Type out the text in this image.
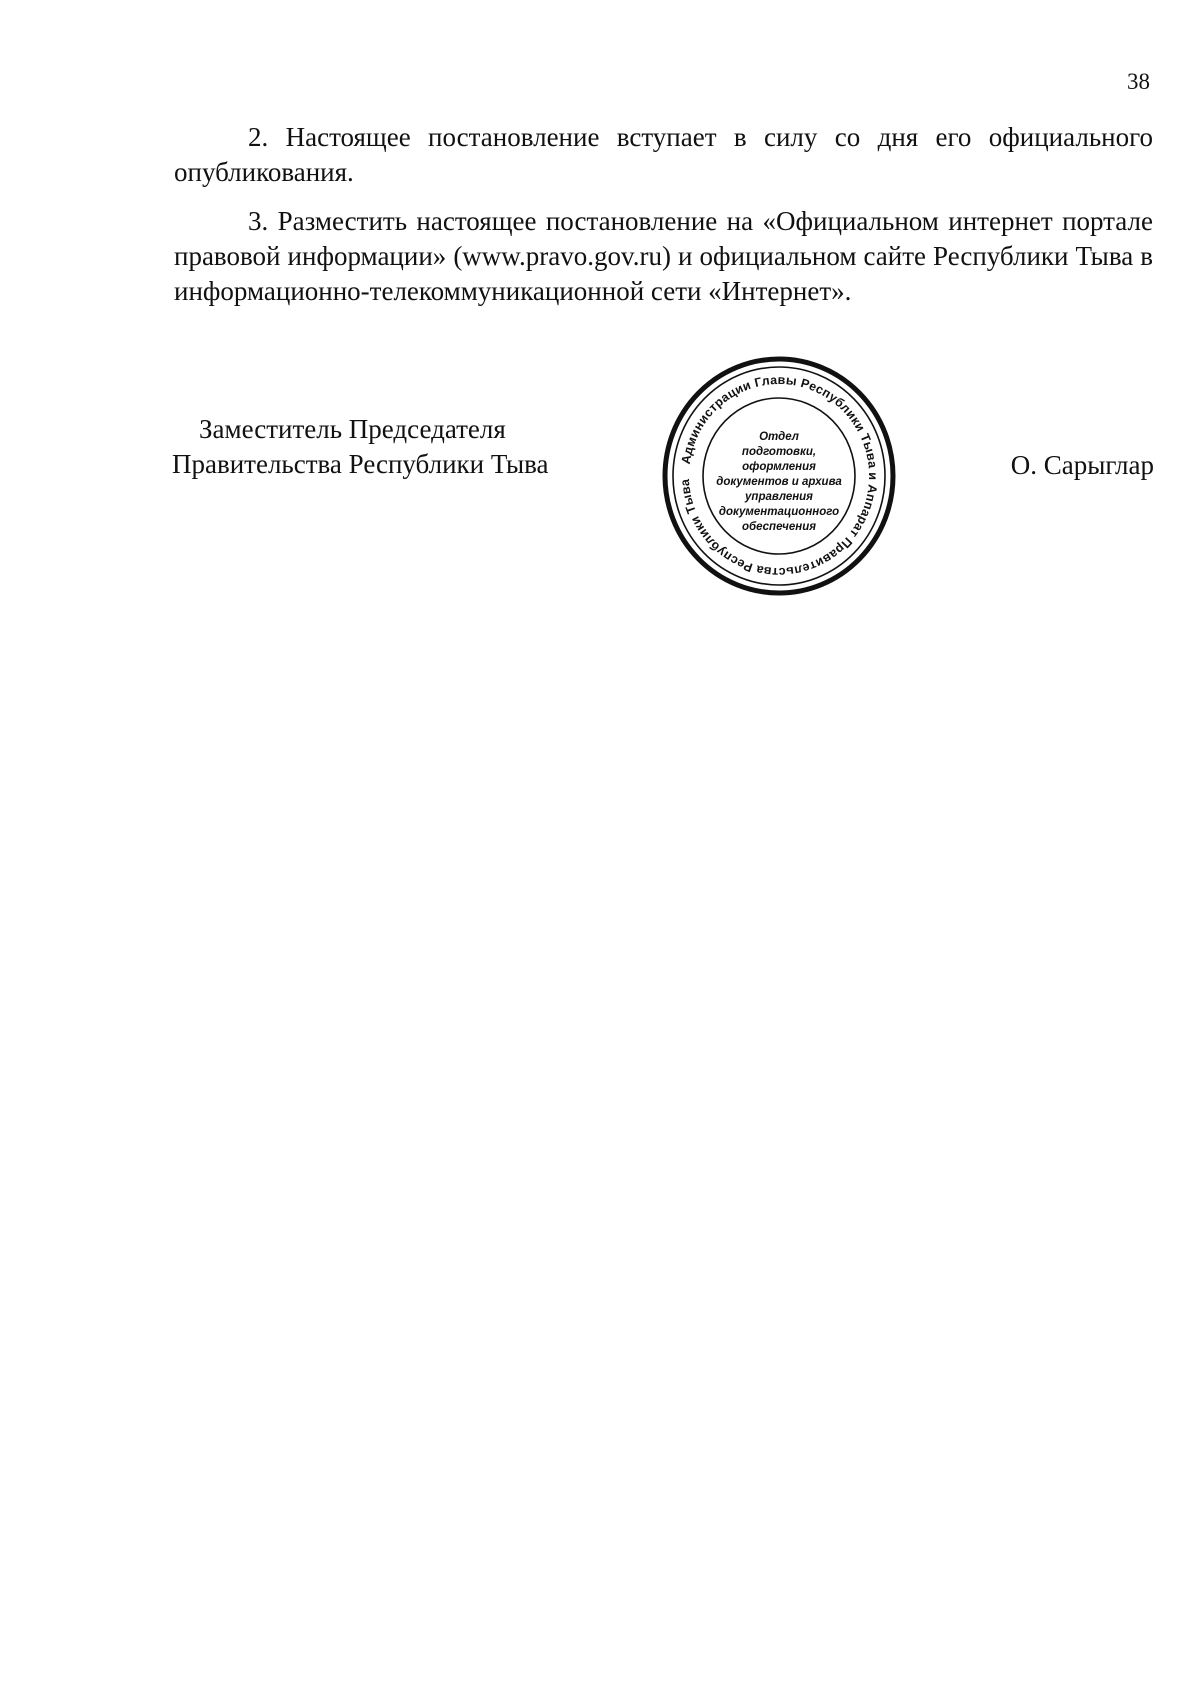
38

2. Настоящее постановление вступает в силу со дня его официального опубликования.

3. Разместить настоящее постановление на «Официальном интернет портале правовой информации» (www.pravo.gov.ru) и официальном сайте Республики Тыва в информационно-телекоммуникационной сети «Интернет».

Заместитель Председателя
Правительства Республики Тыва	Администрации Главы Республики Тыва и Аппарат Правительства Республики Тыва
Отдел
подготовки,
оформления
документов и архива
управления
документационного
обеспечения
О. Сарыглар
